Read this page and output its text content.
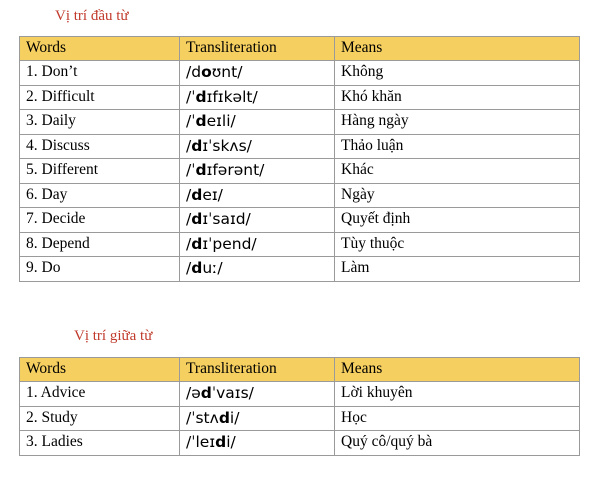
Vị trí đầu từ
Words	Transliteration	Means
1. Don’t	/doʊnt/	Không
2. Difficult	/ˈdɪfɪkəlt/	Khó khăn
3. Daily	/ˈdeɪli/	Hàng ngày
4. Discuss	/dɪˈskʌs/	Thảo luận
5. Different	/ˈdɪfərənt/	Khác
6. Day	/deɪ/	Ngày
7. Decide	/dɪˈsaɪd/	Quyết định
8. Depend	/dɪˈpend/	Tùy thuộc
9. Do	/duː/	Làm
Vị trí giữa từ
Words	Transliteration	Means
1. Advice	/ədˈvaɪs/	Lời khuyên
2. Study	/ˈstʌdi/	Học
3. Ladies	/ˈleɪdi/	Quý cô/quý bà
